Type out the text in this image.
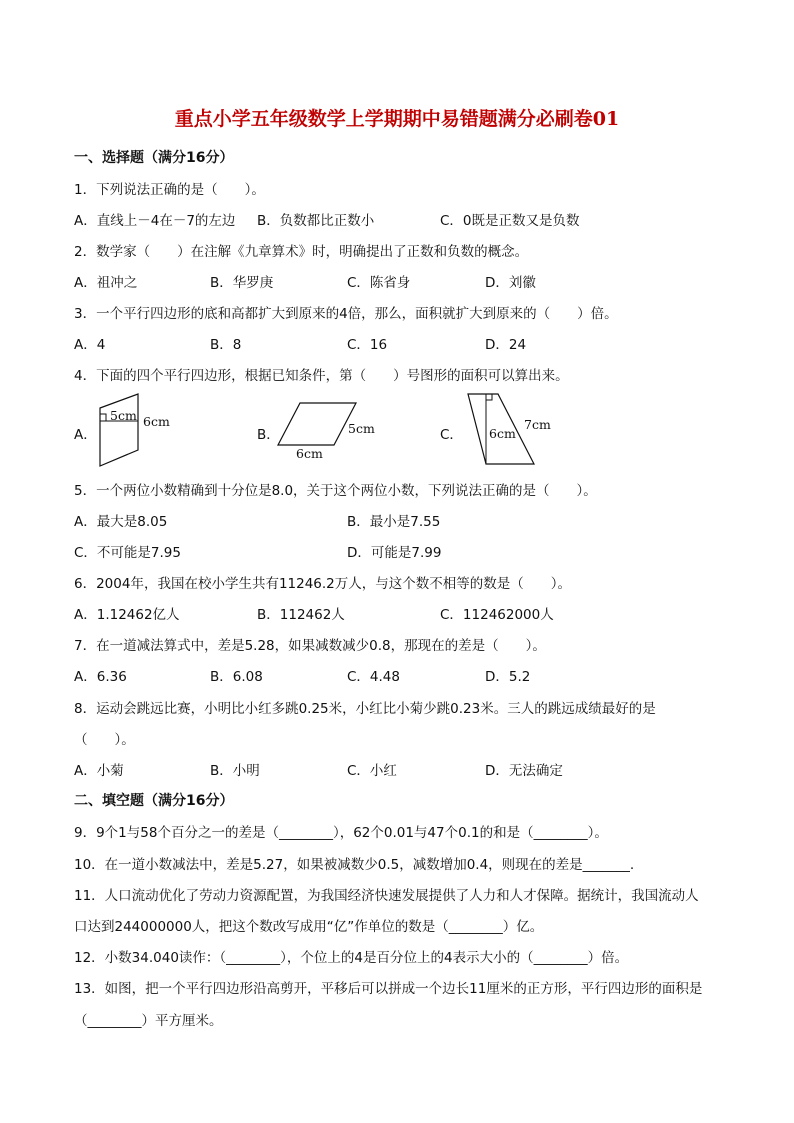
重点小学五年级数学上学期期中易错题满分必刷卷01
一、选择题（满分16分）
1．下列说法正确的是（　　）。
A．直线上－4在－7的左边 B．负数都比正数小	C．0既是正数又是负数
2．数学家（　　）在注解《九章算术》时，明确提出了正数和负数的概念。
A．祖冲之	B．华罗庚	C．陈省身	D．刘徽
3．一个平行四边形的底和高都扩大到原来的4倍，那么，面积就扩大到原来的（　　）倍。
A．4	B．8	C．16	D．24
4．下面的四个平行四边形，根据已知条件，第（　　）号图形的面积可以算出来。
A．	B．	C．
5cm 6cm	5cm
6cm
6cm
7cm
5．一个两位小数精确到十分位是8.0，关于这个两位小数，下列说法正确的是（　　）。
A．最大是8.05	B．最小是7.55
C．不可能是7.95	D．可能是7.99
6．2004年，我国在校小学生共有11246.2万人，与这个数不相等的数是（　　）。
A．1.12462亿人	B．112462人	C．112462000人
7．在一道减法算式中，差是5.28，如果减数减少0.8，那现在的差是（　　）。
A．6.36	B．6.08	C．4.48	D．5.2
8．运动会跳远比赛，小明比小红多跳0.25米，小红比小菊少跳0.23米。三人的跳远成绩最好的是
（　　）。
A．小菊	B．小明	C．小红	D．无法确定
二、填空题（满分16分）
9．9个1与58个百分之一的差是（________），62个0.01与47个0.1的和是（________）。
10．在一道小数减法中，差是5.27，如果被减数少0.5，减数增加0.4，则现在的差是_______.
11．人口流动优化了劳动力资源配置，为我国经济快速发展提供了人力和人才保障。据统计，我国流动人
口达到244000000人，把这个数改写成用“亿”作单位的数是（________）亿。
12．小数34.040读作：（________），个位上的4是百分位上的4表示大小的（________）倍。
13．如图，把一个平行四边形沿高剪开，平移后可以拼成一个边长11厘米的正方形，平行四边形的面积是
（________）平方厘米。
